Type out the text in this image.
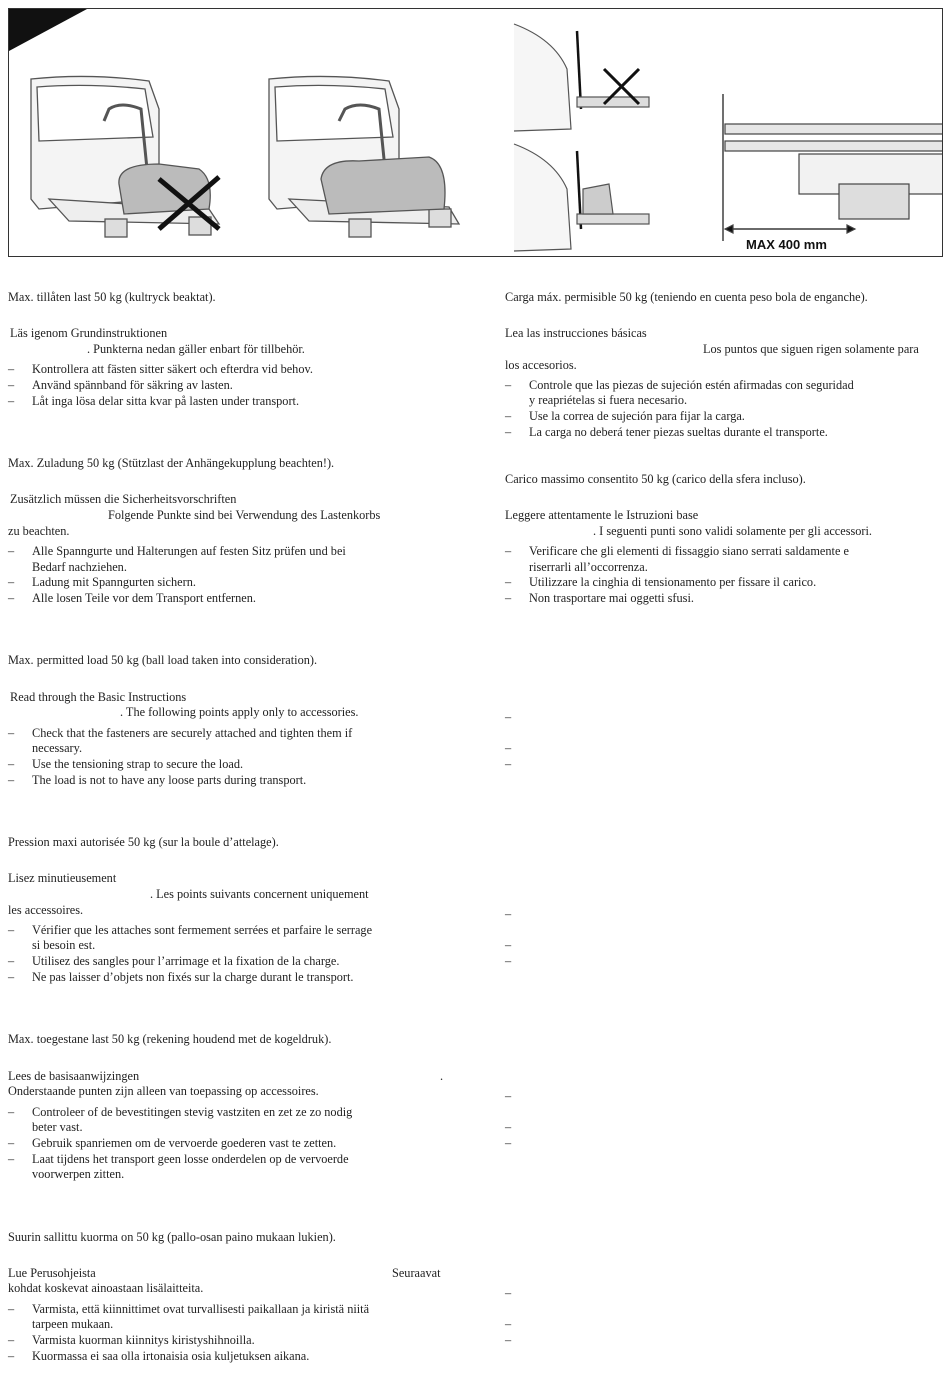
MAX 400 mm
Max. tillåten last 50 kg (kultryck beaktat).
Läs igenom Grundinstruktionen
. Punkterna nedan gäller enbart för tillbehör.
–	Kontrollera att fästen sitter säkert och efterdra vid behov.
–	Använd spännband för säkring av lasten.
–	Låt inga lösa delar sitta kvar på lasten under transport.
Max. Zuladung 50 kg (Stützlast der Anhängekupplung beachten!).
Zusätzlich müssen die Sicherheitsvorschriften
Folgende Punkte sind bei Verwendung des Lastenkorbs
zu beachten.
–	Alle Spanngurte und Halterungen auf festen Sitz prüfen und bei
Bedarf nachziehen.
–	Ladung mit Spanngurten sichern.
–	Alle losen Teile vor dem Transport entfernen.
Max. permitted load 50 kg (ball load taken into consideration).
Read through the Basic Instructions
. The following points apply only to accessories.
–	Check that the fasteners are securely attached and tighten them if
necessary.
–	Use the tensioning strap to secure the load.
–	The load is not to have any loose parts during transport.
Pression maxi autorisée 50 kg (sur la boule d’attelage).
Lisez minutieusement
. Les points suivants concernent uniquement
les accessoires.
–	Vérifier que les attaches sont fermement serrées et parfaire le serrage
si besoin est.
–	Utilisez des sangles pour l’arrimage et la fixation de la charge.
–	Ne pas laisser d’objets non fixés sur la charge durant le transport.
Max. toegestane last 50 kg (rekening houdend met de kogeldruk).
Lees de basisaanwijzingen	.
Onderstaande punten zijn alleen van toepassing op accessoires.
–	Controleer of de bevestitingen stevig vastziten en zet ze zo nodig
beter vast.
–	Gebruik spanriemen om de vervoerde goederen vast te zetten.
–	Laat tijdens het transport geen losse onderdelen op de vervoerde
voorwerpen zitten.
Suurin sallittu kuorma on 50 kg (pallo-osan paino mukaan lukien).
Lue Perusohjeista	Seuraavat
kohdat koskevat ainoastaan lisälaitteita.
–	Varmista, että kiinnittimet ovat turvallisesti paikallaan ja kiristä niitä
tarpeen mukaan.
–	Varmista kuorman kiinnitys kiristyshihnoilla.
–	Kuormassa ei saa olla irtonaisia osia kuljetuksen aikana.
Carga máx. permisible 50 kg (teniendo en cuenta peso bola de enganche).
Lea las instrucciones básicas
Los puntos que siguen rigen solamente para
los accesorios.
–	Controle que las piezas de sujeción estén afirmadas con seguridad
y reapriételas si fuera necesario.
–	Use la correa de sujeción para fijar la carga.
–	La carga no deberá tener piezas sueltas durante el transporte.
Carico massimo consentito 50 kg (carico della sfera incluso).
Leggere attentamente le Istruzioni base
. I seguenti punti sono validi solamente per gli accessori.
–	Verificare che gli elementi di fissaggio siano serrati saldamente e
riserrarli all’occorrenza.
–	Utilizzare la cinghia di tensionamento per fissare il carico.
–	Non trasportare mai oggetti sfusi.
–
–
–
–
–
–
–
–
–
–
–
–
